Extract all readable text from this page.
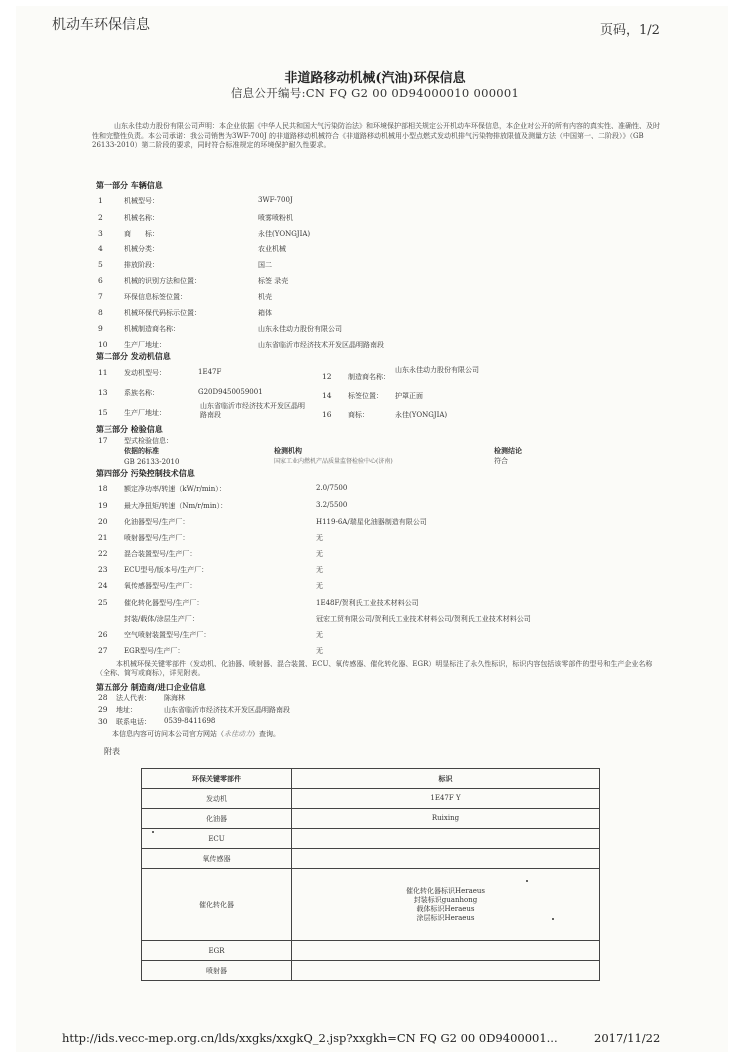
机动车环保信息	页码，1/2
非道路移动机械(汽油)环保信息
信息公开编号:CN FQ G2 00 0D94000010 000001
山东永佳动力股份有限公司声明：本企业依据《中华人民共和国大气污染防治法》和环境保护部相关规定公开机动车环保信息，本企业对公开的所有内容的真实性、准确性、及时性和完整性负责。本公司承诺：我公司销售为3WF-700J 的非道路移动机械符合《非道路移动机械用小型点燃式发动机排气污染物排放限值及测量方法（中国第一、二阶段）》（GB 26133-2010）第二阶段的要求，同时符合标准规定的环境保护耐久性要求。
第一部分 车辆信息
1	机械型号：	3WF-700J
2	机械名称：	喷雾喷粉机
3	商　　标：	永佳(YONGJIA)
4	机械分类：	农业机械
5	排放阶段：	国二
6	机械的识别方法和位置：	标签 录壳
7	环保信息标签位置：	机壳
8	机械环保代码标示位置：	箱体
9	机械制造商名称：	山东永佳动力股份有限公司
10 生产厂地址：	山东省临沂市经济技术开发区晶明路南段
第二部分 发动机信息
11 发动机型号：	1E47F	12 制造商名称：
山东永佳动力股份有限公司
13 系族名称：	G20D9450059001	14 标签位置： 护罩正面
15 生产厂地址：
山东省临沂市经济技术开发区晶明路南段	16 商标：	永佳(YONGJIA)
第三部分 检验信息
17 型式检验信息：
依据的标准	检测机构	检测结论
GB 26133-2010	国家工业内燃机产品质量监督检验中心(济南)	符合
第四部分 污染控制技术信息
18 额定净功率/转速（kW/r/min）：	2.0/7500
19 最大净扭矩/转速（Nm/r/min）：	3.2/5500
20 化油器型号/生产厂：	H119-6A/瑞星化油器制造有限公司
21 喷射器型号/生产厂：	无
22 混合装置型号/生产厂：	无
23 ECU型号/版本号/生产厂：	无
24 氧传感器型号/生产厂：	无
25 催化转化器型号/生产厂：	1E48F/贺利氏工业技术材料公司
封装/载体/涂层生产厂：	冠宏工贸有限公司/贺利氏工业技术材料公司/贺利氏工业技术材料公司
26 空气喷射装置型号/生产厂：	无
27 EGR型号/生产厂：	无
本机械环保关键零部件（发动机、化油器、喷射器、混合装置、ECU、氧传感器、催化转化器、EGR）明显标注了永久性标识，标识内容包括该零部件的型号和生产企业名称（全称、简写或商标），详见附表。
第五部分 制造商/进口企业信息
28 法人代表： 陈海林
29 地址：	山东省临沂市经济技术开发区晶明路南段
30 联系电话： 0539-8411698
本信息内容可访问本公司官方网站（永佳动力）查询。
附表
环保关键零部件	标识
发动机	1E47F Y

化油器	Ruixing

ECU	

氧传感器	

催化转化器	催化转化器标识Heraeus
封装标识guanhong
载体标识Heraeus
涂层标识Heraeus

EGR	

喷射器	
http://ids.vecc-mep.org.cn/lds/xxgks/xxgkQ_2.jsp?xxgkh=CN FQ G2 00 0D9400001...	2017/11/22
